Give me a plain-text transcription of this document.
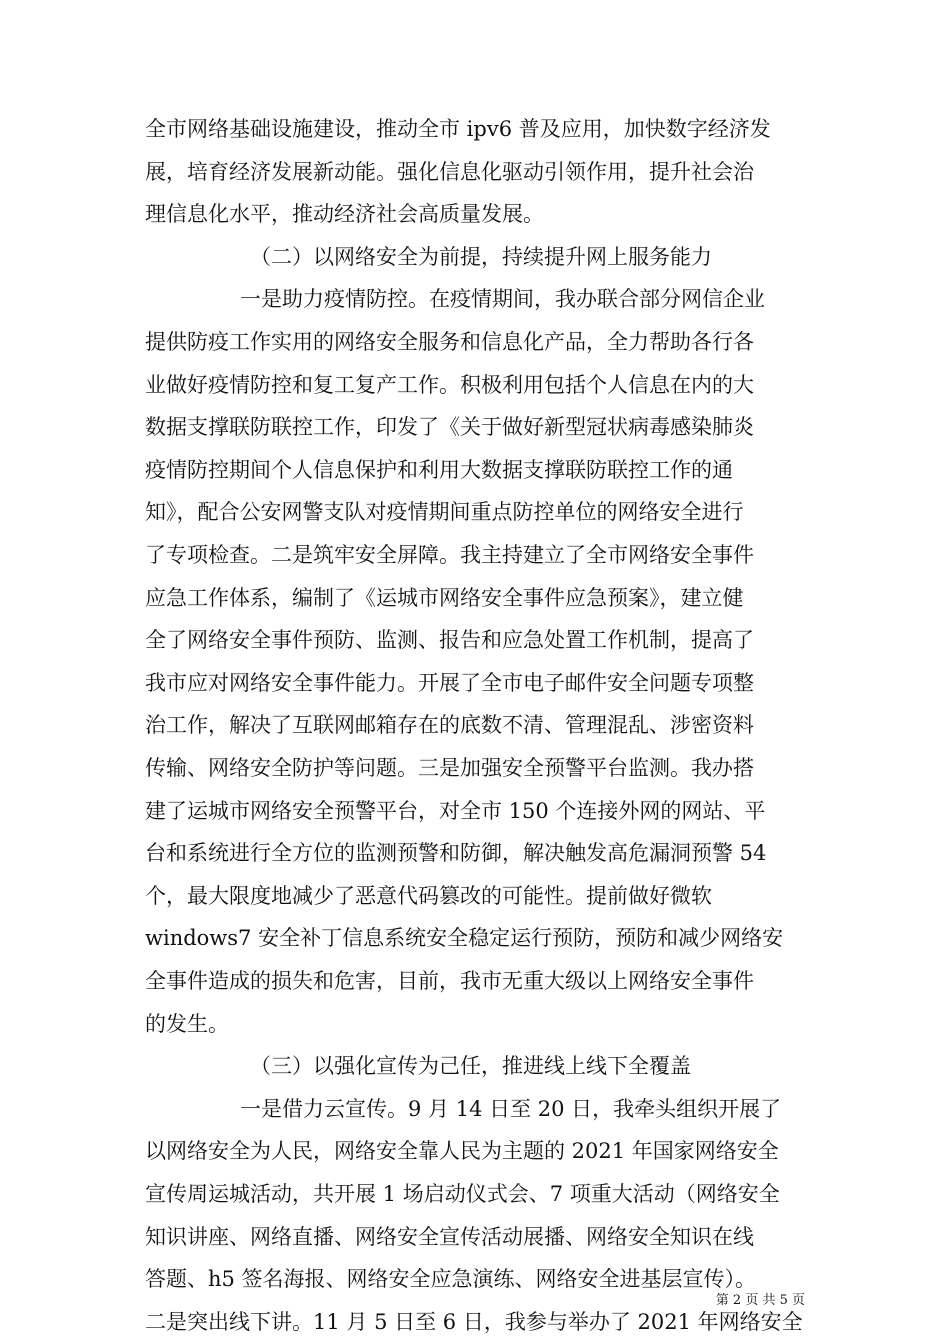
全市网络基础设施建设，推动全市 ipv6 普及应用，加快数字经济发
展，培育经济发展新动能。强化信息化驱动引领作用，提升社会治
理信息化水平，推动经济社会高质量发展。
（二）以网络安全为前提，持续提升网上服务能力
一是助力疫情防控。在疫情期间，我办联合部分网信企业
提供防疫工作实用的网络安全服务和信息化产品，全力帮助各行各
业做好疫情防控和复工复产工作。积极利用包括个人信息在内的大
数据支撑联防联控工作，印发了《关于做好新型冠状病毒感染肺炎
疫情防控期间个人信息保护和利用大数据支撑联防联控工作的通
知》，配合公安网警支队对疫情期间重点防控单位的网络安全进行
了专项检查。二是筑牢安全屏障。我主持建立了全市网络安全事件
应急工作体系，编制了《运城市网络安全事件应急预案》，建立健
全了网络安全事件预防、监测、报告和应急处置工作机制，提高了
我市应对网络安全事件能力。开展了全市电子邮件安全问题专项整
治工作，解决了互联网邮箱存在的底数不清、管理混乱、涉密资料
传输、网络安全防护等问题。三是加强安全预警平台监测。我办搭
建了运城市网络安全预警平台，对全市 150 个连接外网的网站、平
台和系统进行全方位的监测预警和防御，解决触发高危漏洞预警 54
个，最大限度地减少了恶意代码篡改的可能性。提前做好微软
windows7 安全补丁信息系统安全稳定运行预防，预防和减少网络安
全事件造成的损失和危害，目前，我市无重大级以上网络安全事件
的发生。
（三）以强化宣传为己任，推进线上线下全覆盖
一是借力云宣传。9 月 14 日至 20 日，我牵头组织开展了
以网络安全为人民，网络安全靠人民为主题的 2021 年国家网络安全
宣传周运城活动，共开展 1 场启动仪式会、7 项重大活动（网络安全
知识讲座、网络直播、网络安全宣传活动展播、网络安全知识在线
答题、h5 签名海报、网络安全应急演练、网络安全进基层宣传）。
二是突出线下讲。11 月 5 日至 6 日，我参与举办了 2021 年网络安全
第 2 页 共 5 页
